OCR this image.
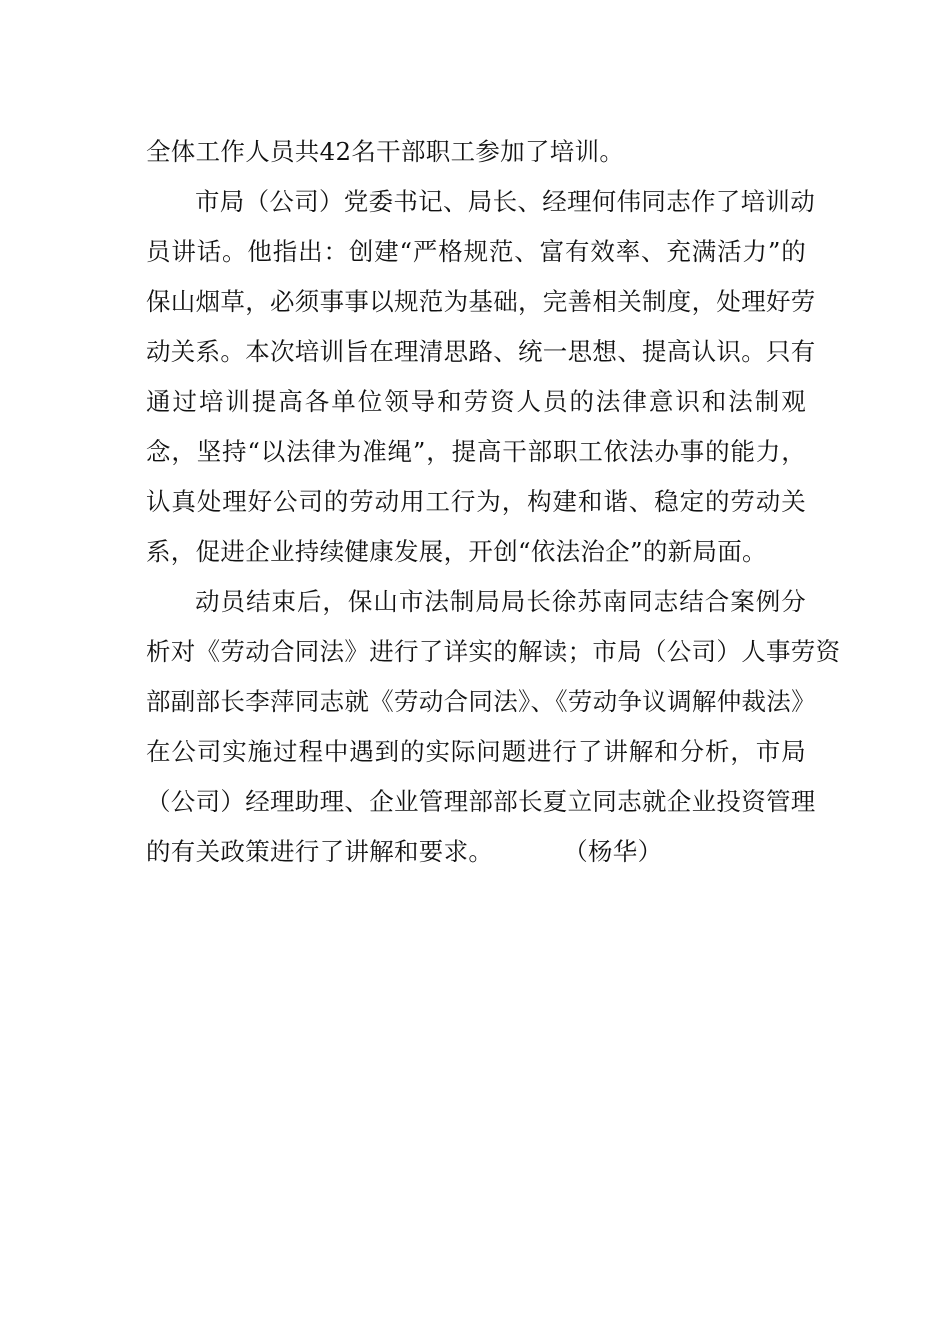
全体工作人员共42名干部职工参加了培训。
市局（公司）党委书记、局长、经理何伟同志作了培训动
员讲话。他指出：创建“严格规范、富有效率、充满活力”的
保山烟草，必须事事以规范为基础，完善相关制度，处理好劳
动关系。本次培训旨在理清思路、统一思想、提高认识。只有
通过培训提高各单位领导和劳资人员的法律意识和法制观
念，坚持“以法律为准绳”，提高干部职工依法办事的能力，
认真处理好公司的劳动用工行为，构建和谐、稳定的劳动关
系，促进企业持续健康发展，开创“依法治企”的新局面。
动员结束后，保山市法制局局长徐苏南同志结合案例分
析对《劳动合同法》进行了详实的解读；市局（公司）人事劳资
部副部长李萍同志就《劳动合同法》、《劳动争议调解仲裁法》
在公司实施过程中遇到的实际问题进行了讲解和分析，市局
（公司）经理助理、企业管理部部长夏立同志就企业投资管理
的有关政策进行了讲解和要求。	（杨华）
